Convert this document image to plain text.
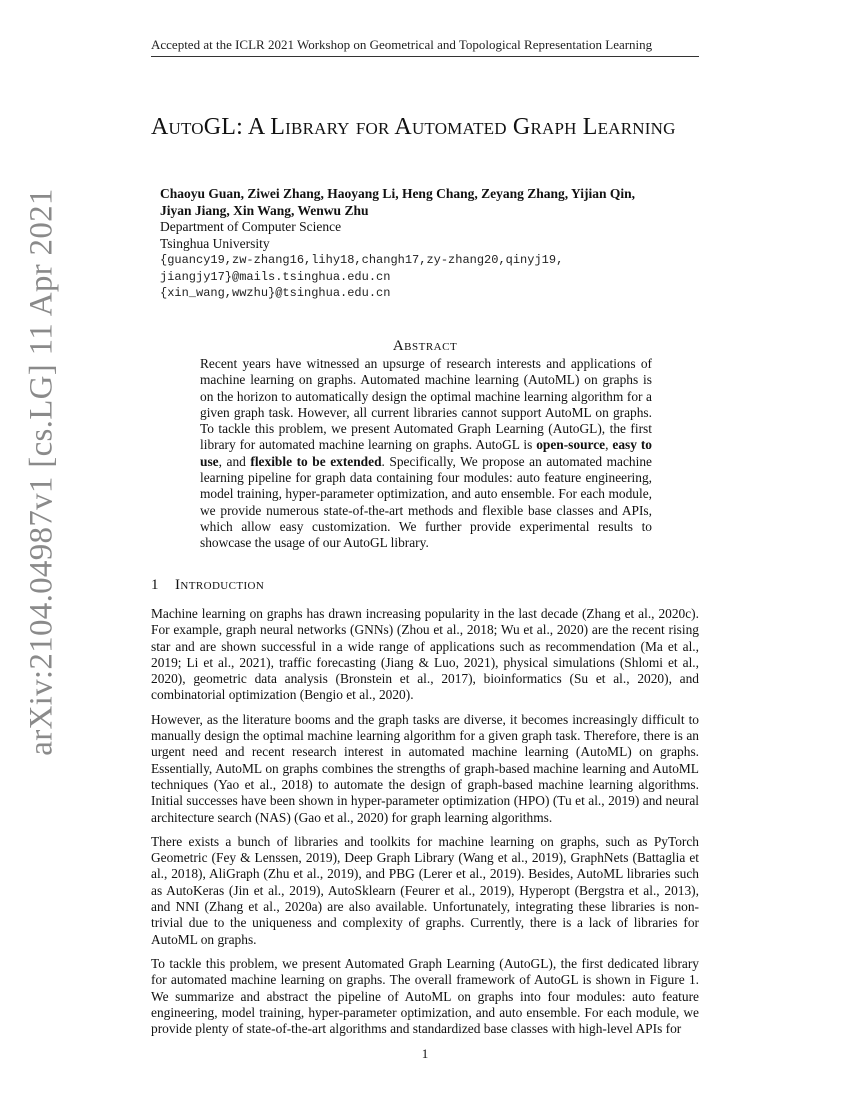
Accepted at the ICLR 2021 Workshop on Geometrical and Topological Representation Learning
arXiv:2104.04987v1 [cs.LG] 11 Apr 2021
AutoGL: A Library for Automated Graph Learning
Chaoyu Guan, Ziwei Zhang, Haoyang Li, Heng Chang, Zeyang Zhang, Yijian Qin,
Jiyan Jiang, Xin Wang, Wenwu Zhu
Department of Computer Science
Tsinghua University
{guancy19,zw-zhang16,lihy18,changh17,zy-zhang20,qinyj19,
jiangjy17}@mails.tsinghua.edu.cn
{xin_wang,wwzhu}@tsinghua.edu.cn
Abstract

Recent years have witnessed an upsurge of research interests and applications of machine learning on graphs. Automated machine learning (AutoML) on graphs is on the horizon to automatically design the optimal machine learning algorithm for a given graph task. However, all current libraries cannot support AutoML on graphs. To tackle this problem, we present Automated Graph Learning (AutoGL), the first library for automated machine learning on graphs. AutoGL is open-source, easy to use, and flexible to be extended. Specifically, We propose an automated machine learning pipeline for graph data containing four modules: auto feature engineering, model training, hyper-parameter optimization, and auto ensemble. For each module, we provide numerous state-of-the-art methods and flexible base classes and APIs, which allow easy customization. We further provide experimental results to showcase the usage of our AutoGL library.

1 Introduction

Machine learning on graphs has drawn increasing popularity in the last decade (Zhang et al., 2020c). For example, graph neural networks (GNNs) (Zhou et al., 2018; Wu et al., 2020) are the recent rising star and are shown successful in a wide range of applications such as recommendation (Ma et al., 2019; Li et al., 2021), traffic forecasting (Jiang & Luo, 2021), physical simulations (Shlomi et al., 2020), geometric data analysis (Bronstein et al., 2017), bioinformatics (Su et al., 2020), and combinatorial optimization (Bengio et al., 2020).

However, as the literature booms and the graph tasks are diverse, it becomes increasingly difficult to manually design the optimal machine learning algorithm for a given graph task. Therefore, there is an urgent need and recent research interest in automated machine learning (AutoML) on graphs. Essentially, AutoML on graphs combines the strengths of graph-based machine learning and AutoML techniques (Yao et al., 2018) to automate the design of graph-based machine learning algorithms. Initial successes have been shown in hyper-parameter optimization (HPO) (Tu et al., 2019) and neural architecture search (NAS) (Gao et al., 2020) for graph learning algorithms.

There exists a bunch of libraries and toolkits for machine learning on graphs, such as PyTorch Geometric (Fey & Lenssen, 2019), Deep Graph Library (Wang et al., 2019), GraphNets (Battaglia et al., 2018), AliGraph (Zhu et al., 2019), and PBG (Lerer et al., 2019). Besides, AutoML libraries such as AutoKeras (Jin et al., 2019), AutoSklearn (Feurer et al., 2019), Hyperopt (Bergstra et al., 2013), and NNI (Zhang et al., 2020a) are also available. Unfortunately, integrating these libraries is non-trivial due to the uniqueness and complexity of graphs. Currently, there is a lack of libraries for AutoML on graphs.

To tackle this problem, we present Automated Graph Learning (AutoGL), the first dedicated library for automated machine learning on graphs. The overall framework of AutoGL is shown in Figure 1. We summarize and abstract the pipeline of AutoML on graphs into four modules: auto feature engineering, model training, hyper-parameter optimization, and auto ensemble. For each module, we provide plenty of state-of-the-art algorithms and standardized base classes with high-level APIs for

1
